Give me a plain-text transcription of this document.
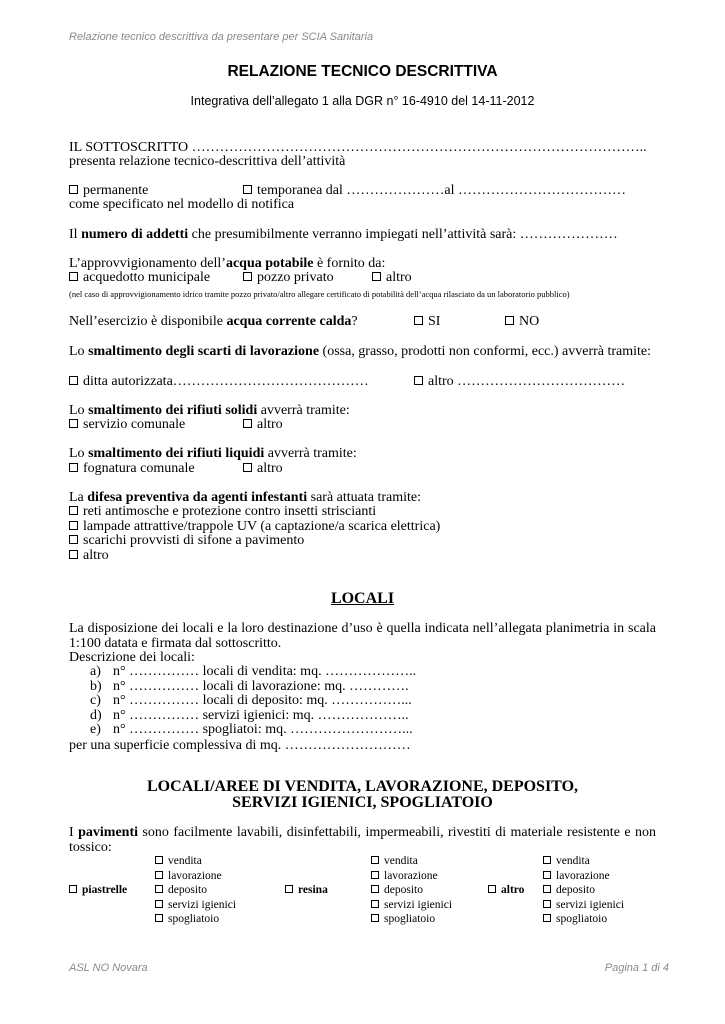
Relazione tecnico descrittiva da presentare per SCIA Sanitaria
RELAZIONE TECNICO DESCRITTIVA
Integrativa dell’allegato 1 alla DGR n° 16-4910 del 14-11-2012
IL SOTTOSCRITTO ……………………………………………………………………………………..
presenta relazione tecnico-descrittiva dell’attività
permanente	temporanea dal …………………al ………………………………
come specificato nel modello di notifica
Il numero di addetti che presumibilmente verranno impiegati nell’attività sarà: …………………
L’approvvigionamento dell’acqua potabile è fornito da:
acquedotto municipale	pozzo privato	altro
(nel caso di approvvigionamento idrico tramite pozzo privato/altro allegare certificato di potabilità dell’acqua rilasciato da un laboratorio pubblico)
Nell’esercizio è disponibile acqua corrente calda?	SI	NO
Lo smaltimento degli scarti di lavorazione (ossa, grasso, prodotti non conformi, ecc.) avverrà tramite:
ditta autorizzata……………………………………	altro ………………………………
Lo smaltimento dei rifiuti solidi avverrà tramite:
servizio comunale	altro
Lo smaltimento dei rifiuti liquidi avverrà tramite:
fognatura comunale	altro
La difesa preventiva da agenti infestanti sarà attuata tramite:
reti antimosche e protezione contro insetti striscianti
lampade attrattive/trappole UV (a captazione/a scarica elettrica)
scarichi provvisti di sifone a pavimento
altro
LOCALI
La disposizione dei locali e la loro destinazione d’uso è quella indicata nell’allegata planimetria in scala 1:100 datata e firmata dal sottoscritto.
Descrizione dei locali:
a) n° …………… locali di vendita: mq. ………………..
b) n° …………… locali di lavorazione: mq. ………….
c) n° …………… locali di deposito: mq. ……………...
d) n° …………… servizi igienici: mq. ………………..
e) n° …………… spogliatoi: mq. ……………………...
per una superficie complessiva di mq. ………………………
LOCALI/AREE DI VENDITA, LAVORAZIONE, DEPOSITO,
SERVIZI IGIENICI, SPOGLIATOIO
I pavimenti sono facilmente lavabili, disinfettabili, impermeabili, rivestiti di materiale resistente e non tossico:
piastrelle
vendita
lavorazione
deposito
servizi igienici
spogliatoio
resina
vendita
lavorazione
deposito
servizi igienici
spogliatoio
altro
vendita
lavorazione
deposito
servizi igienici
spogliatoio
ASL NO Novara	Pagina 1 di 4
